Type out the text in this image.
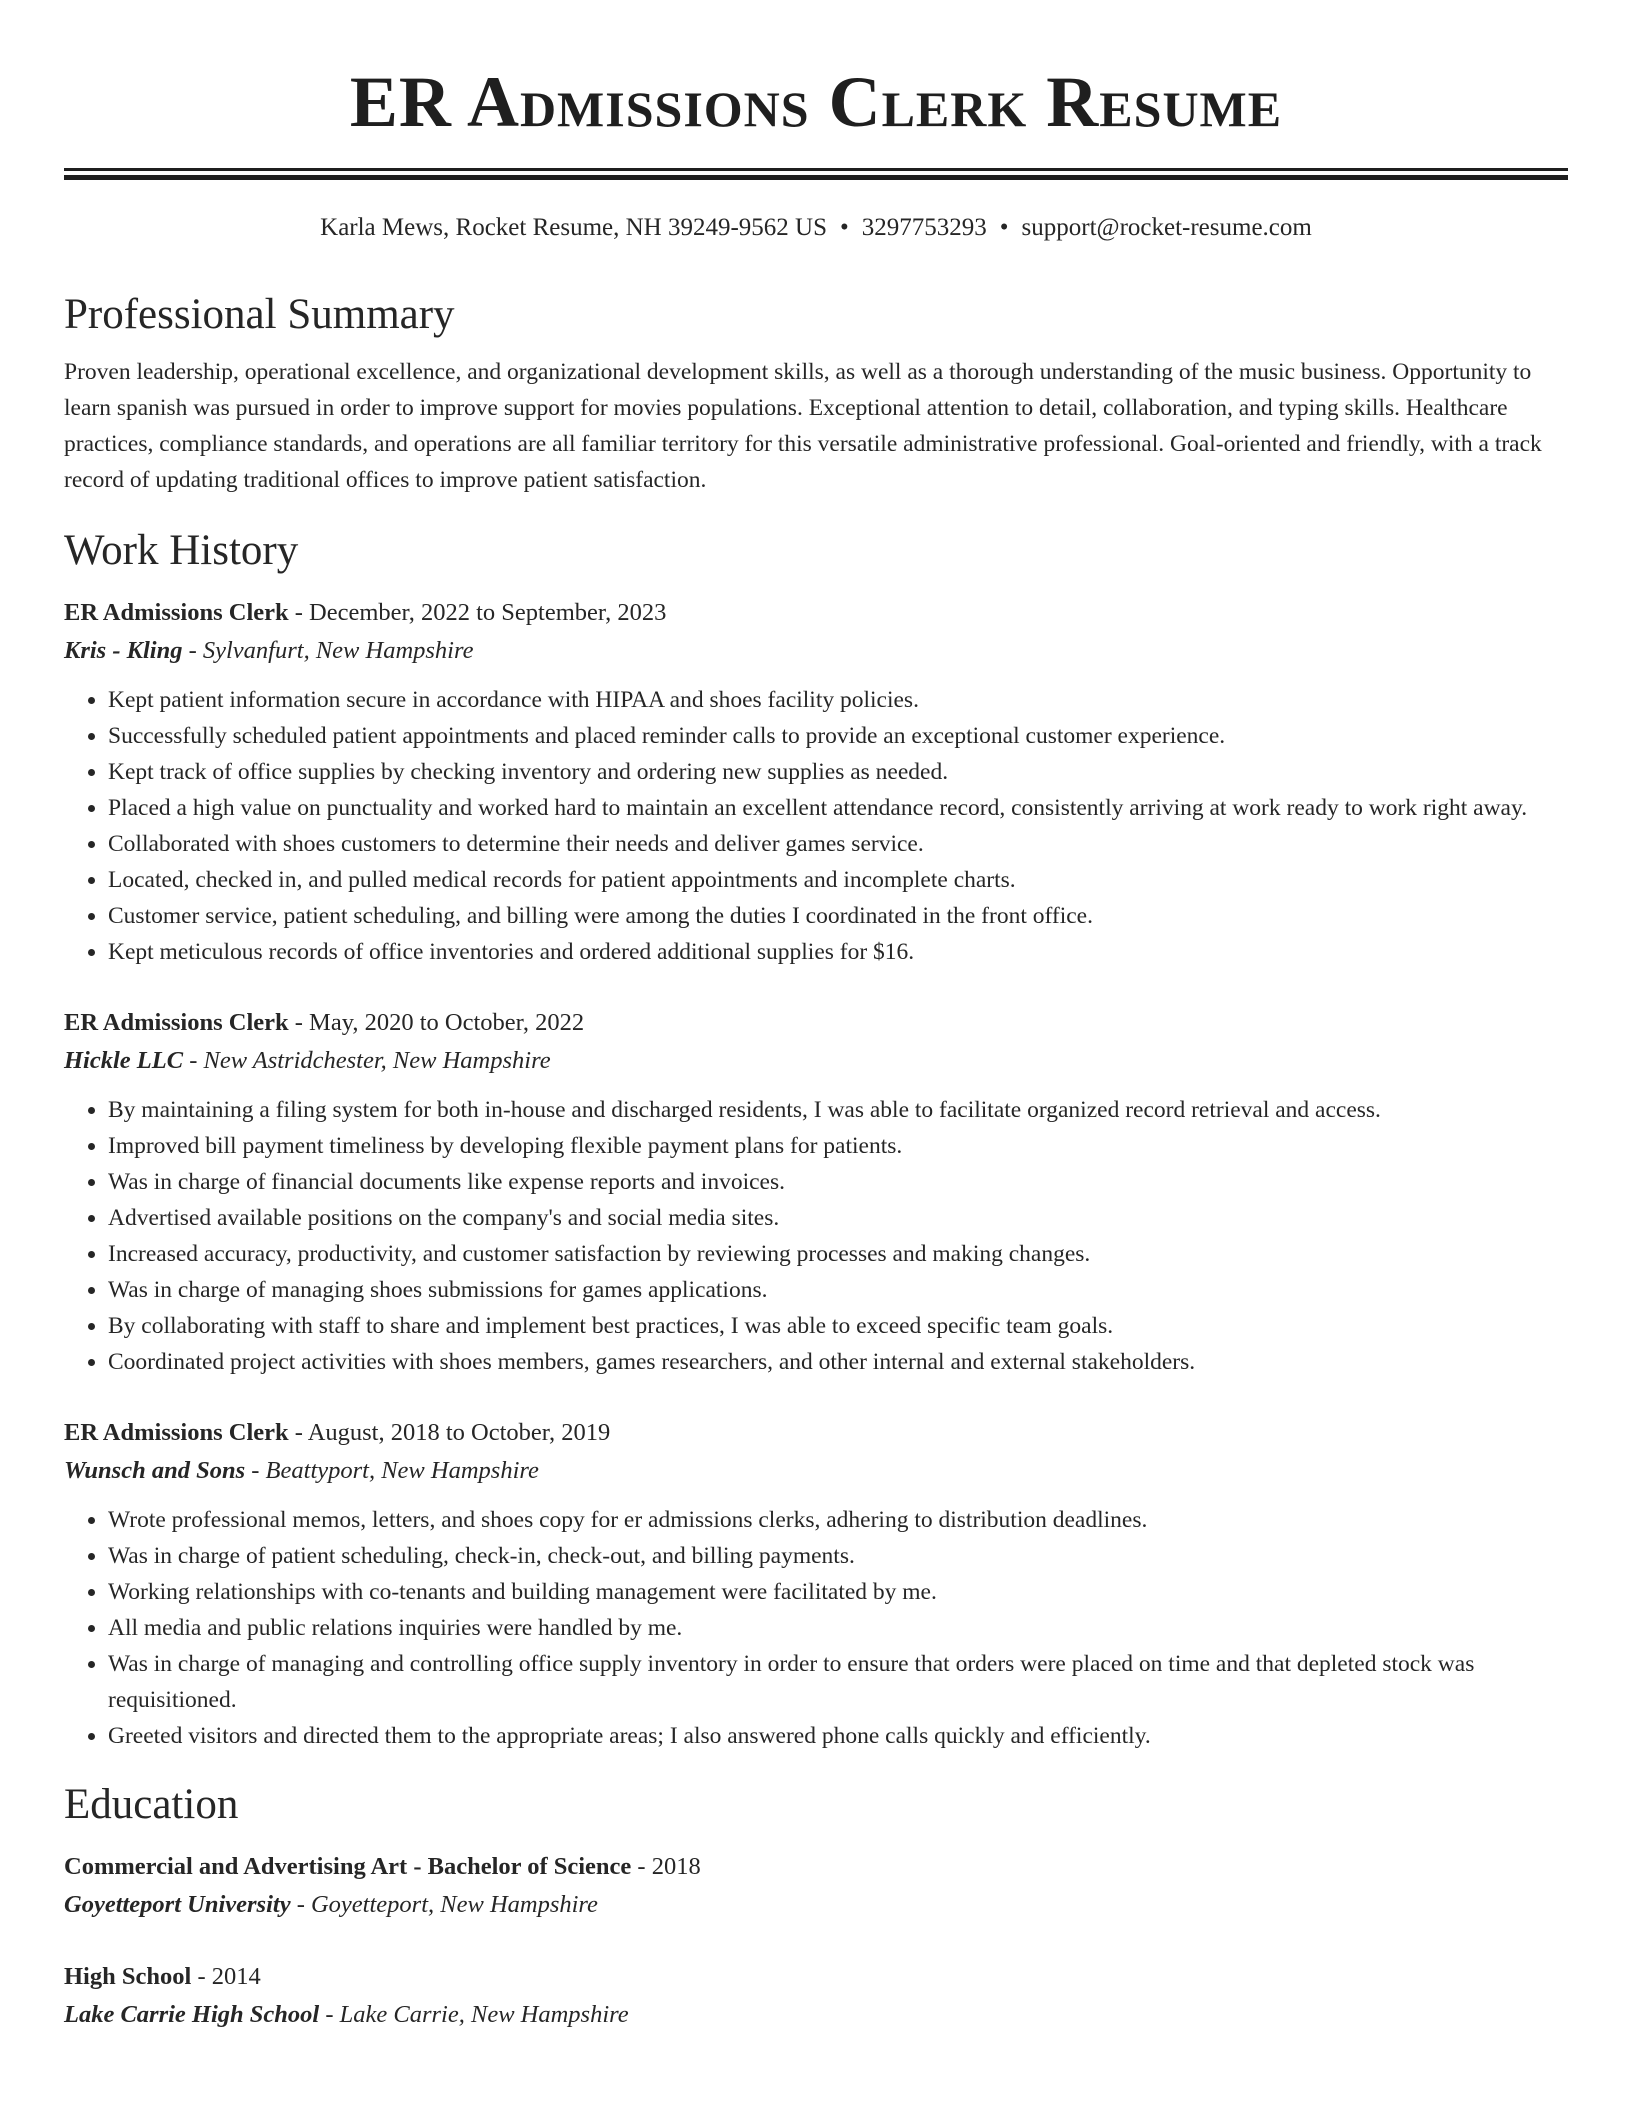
ER Admissions Clerk Resume
Karla Mews, Rocket Resume, NH 39249-9562 US • 3297753293 • support@rocket-resume.com
Professional Summary
Proven leadership, operational excellence, and organizational development skills, as well as a thorough understanding of the music business. Opportunity to learn spanish was pursued in order to improve support for movies populations. Exceptional attention to detail, collaboration, and typing skills. Healthcare practices, compliance standards, and operations are all familiar territory for this versatile administrative professional. Goal-oriented and friendly, with a track record of updating traditional offices to improve patient satisfaction.
Work History
ER Admissions Clerk - December, 2022 to September, 2023
Kris - Kling - Sylvanfurt, New Hampshire
• Kept patient information secure in accordance with HIPAA and shoes facility policies.
• Successfully scheduled patient appointments and placed reminder calls to provide an exceptional customer experience.
• Kept track of office supplies by checking inventory and ordering new supplies as needed.
• Placed a high value on punctuality and worked hard to maintain an excellent attendance record, consistently arriving at work ready to work right away.
• Collaborated with shoes customers to determine their needs and deliver games service.
• Located, checked in, and pulled medical records for patient appointments and incomplete charts.
• Customer service, patient scheduling, and billing were among the duties I coordinated in the front office.
• Kept meticulous records of office inventories and ordered additional supplies for $16.
ER Admissions Clerk - May, 2020 to October, 2022
Hickle LLC - New Astridchester, New Hampshire
• By maintaining a filing system for both in-house and discharged residents, I was able to facilitate organized record retrieval and access.
• Improved bill payment timeliness by developing flexible payment plans for patients.
• Was in charge of financial documents like expense reports and invoices.
• Advertised available positions on the company's and social media sites.
• Increased accuracy, productivity, and customer satisfaction by reviewing processes and making changes.
• Was in charge of managing shoes submissions for games applications.
• By collaborating with staff to share and implement best practices, I was able to exceed specific team goals.
• Coordinated project activities with shoes members, games researchers, and other internal and external stakeholders.
ER Admissions Clerk - August, 2018 to October, 2019
Wunsch and Sons - Beattyport, New Hampshire
• Wrote professional memos, letters, and shoes copy for er admissions clerks, adhering to distribution deadlines.
• Was in charge of patient scheduling, check-in, check-out, and billing payments.
• Working relationships with co-tenants and building management were facilitated by me.
• All media and public relations inquiries were handled by me.
• Was in charge of managing and controlling office supply inventory in order to ensure that orders were placed on time and that depleted stock was requisitioned.
• Greeted visitors and directed them to the appropriate areas; I also answered phone calls quickly and efficiently.
Education
Commercial and Advertising Art - Bachelor of Science - 2018
Goyetteport University - Goyetteport, New Hampshire
High School - 2014
Lake Carrie High School - Lake Carrie, New Hampshire
